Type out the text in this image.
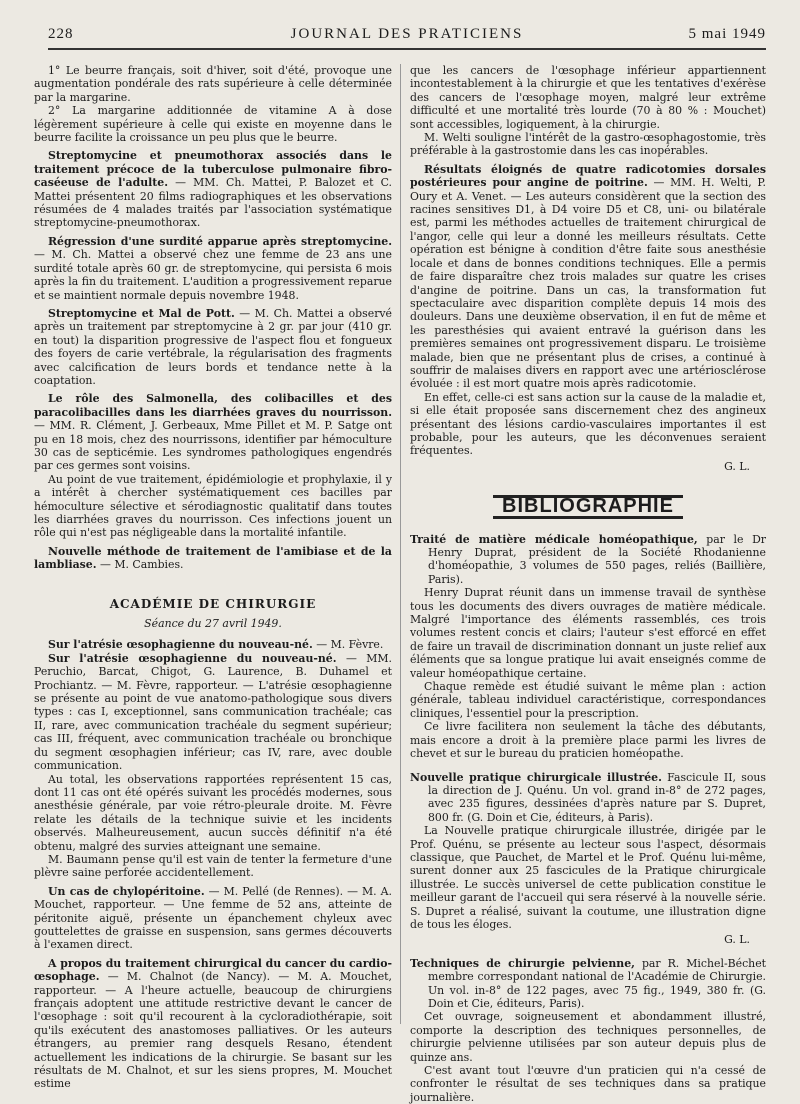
228	JOURNAL DES PRATICIENS	5 mai 1949

1° Le beurre français, soit d'hiver, soit d'été, provoque une augmentation pondérale des rats supérieure à celle déterminée par la margarine.

2° La margarine additionnée de vitamine A à dose légèrement supérieure à celle qui existe en moyenne dans le beurre facilite la croissance un peu plus que le beurre.

Streptomycine et pneumothorax associés dans le traitement précoce de la tuberculose pulmonaire fibro-caséeuse de l'adulte. — MM. Ch. Mattei, P. Balozet et C. Mattei présentent 20 films radiographiques et les observations résumées de 4 malades traités par l'association systématique streptomycine-pneumothorax.

Régression d'une surdité apparue après streptomycine. — M. Ch. Mattei a observé chez une femme de 23 ans une surdité totale après 60 gr. de streptomycine, qui persista 6 mois après la fin du traitement. L'audition a progressivement reparue et se maintient normale depuis novembre 1948.

Streptomycine et Mal de Pott. — M. Ch. Mattei a observé après un traitement par streptomycine à 2 gr. par jour (410 gr. en tout) la disparition progressive de l'aspect flou et fongueux des foyers de carie vertébrale, la régularisation des fragments avec calcification de leurs bords et tendance nette à la coaptation.

Le rôle des Salmonella, des colibacilles et des paracolibacilles dans les diarrhées graves du nourrisson. — MM. R. Clément, J. Gerbeaux, Mme Pillet et M. P. Satge ont pu en 18 mois, chez des nourrissons, identifier par hémoculture 30 cas de septicémie. Les syndromes pathologiques engendrés par ces germes sont voisins.

Au point de vue traitement, épidémiologie et prophylaxie, il y a intérêt à chercher systématiquement ces bacilles par hémoculture sélective et sérodiagnostic qualitatif dans toutes les diarrhées graves du nourrisson. Ces infections jouent un rôle qui n'est pas négligeable dans la mortalité infantile.

Nouvelle méthode de traitement de l'amibiase et de la lambliase. — M. Cambies.

ACADÉMIE DE CHIRURGIE
Séance du 27 avril 1949.

Sur l'atrésie œsophagienne du nouveau-né. — M. Fèvre.

Sur l'atrésie œsophagienne du nouveau-né. — MM. Peruchio, Barcat, Chigot, G. Laurence, B. Duhamel et Prochiantz. — M. Fèvre, rapporteur. — L'atrésie œsophagienne se présente au point de vue anatomo-pathologique sous divers types : cas I, exceptionnel, sans communication trachéale; cas II, rare, avec communication trachéale du segment supérieur; cas III, fréquent, avec communication trachéale ou bronchique du segment œsophagien inférieur; cas IV, rare, avec double communication.

Au total, les observations rapportées représentent 15 cas, dont 11 cas ont été opérés suivant les procédés modernes, sous anesthésie générale, par voie rétro-pleurale droite. M. Fèvre relate les détails de la technique suivie et les incidents observés. Malheureusement, aucun succès définitif n'a été obtenu, malgré des survies atteignant une semaine.

M. Baumann pense qu'il est vain de tenter la fermeture d'une plèvre saine perforée accidentellement.

Un cas de chylopéritoine. — M. Pellé (de Rennes). — M. A. Mouchet, rapporteur. — Une femme de 52 ans, atteinte de péritonite aiguë, présente un épanchement chyleux avec gouttelettes de graisse en suspension, sans germes découverts à l'examen direct.

A propos du traitement chirurgical du cancer du cardio-œsophage. — M. Chalnot (de Nancy). — M. A. Mouchet, rapporteur. — A l'heure actuelle, beaucoup de chirurgiens français adoptent une attitude restrictive devant le cancer de l'œsophage : soit qu'il recourent à la cycloradiothérapie, soit qu'ils exécutent des anastomoses palliatives. Or les auteurs étrangers, au premier rang desquels Resano, étendent actuellement les indications de la chirurgie. Se basant sur les résultats de M. Chalnot, et sur les siens propres, M. Mouchet estime

que les cancers de l'œsophage inférieur appartiennent incontestablement à la chirurgie et que les tentatives d'exérèse des cancers de l'œsophage moyen, malgré leur extrême difficulté et une mortalité très lourde (70 à 80 % : Mouchet) sont accessibles, logiquement, à la chirurgie.

M. Welti souligne l'intérêt de la gastro-œsophagostomie, très préférable à la gastrostomie dans les cas inopérables.

Résultats éloignés de quatre radicotomies dorsales postérieures pour angine de poitrine. — MM. H. Welti, P. Oury et A. Venet. — Les auteurs considèrent que la section des racines sensitives D1, à D4 voire D5 et C8, uni- ou bilatérale est, parmi les méthodes actuelles de traitement chirurgical de l'angor, celle qui leur a donné les meilleurs résultats. Cette opération est bénigne à condition d'être faite sous anesthésie locale et dans de bonnes conditions techniques. Elle a permis de faire disparaître chez trois malades sur quatre les crises d'angine de poitrine. Dans un cas, la transformation fut spectaculaire avec disparition complète depuis 14 mois des douleurs. Dans une deuxième observation, il en fut de même et les paresthésies qui avaient entravé la guérison dans les premières semaines ont progressivement disparu. Le troisième malade, bien que ne présentant plus de crises, a continué à souffrir de malaises divers en rapport avec une artériosclérose évoluée : il est mort quatre mois après radicotomie.

En effet, celle-ci est sans action sur la cause de la maladie et, si elle était proposée sans discernement chez des angineux présentant des lésions cardio-vasculaires importantes il est probable, pour les auteurs, que les déconvenues seraient fréquentes.

G. L.
BIBLIOGRAPHIE

Traité de matière médicale homéopathique, par le Dr Henry Duprat, président de la Société Rhodanienne d'homéopathie, 3 volumes de 550 pages, reliés (Baillière, Paris).

Henry Duprat réunit dans un immense travail de synthèse tous les documents des divers ouvrages de matière médicale. Malgré l'importance des éléments rassemblés, ces trois volumes restent concis et clairs; l'auteur s'est efforcé en effet de faire un travail de discrimination donnant un juste relief aux éléments que sa longue pratique lui avait enseignés comme de valeur homéopathique certaine.

Chaque remède est étudié suivant le même plan : action générale, tableau individuel caractéristique, correspondances cliniques, l'essentiel pour la prescription.

Ce livre facilitera non seulement la tâche des débutants, mais encore a droit à la première place parmi les livres de chevet et sur le bureau du praticien homéopathe.

Nouvelle pratique chirurgicale illustrée. Fascicule II, sous la direction de J. Quénu. Un vol. grand in-8° de 272 pages, avec 235 figures, dessinées d'après nature par S. Dupret, 800 fr. (G. Doin et Cie, éditeurs, à Paris).

La Nouvelle pratique chirurgicale illustrée, dirigée par le Prof. Quénu, se présente au lecteur sous l'aspect, désormais classique, que Pauchet, de Martel et le Prof. Quénu lui-même, surent donner aux 25 fascicules de la Pratique chirurgicale illustrée. Le succès universel de cette publication constitue le meilleur garant de l'accueil qui sera réservé à la nouvelle série. S. Dupret a réalisé, suivant la coutume, une illustration digne de tous les éloges.

G. L.

Techniques de chirurgie pelvienne, par R. Michel-Béchet membre correspondant national de l'Académie de Chirurgie. Un vol. in-8° de 122 pages, avec 75 fig., 1949, 380 fr. (G. Doin et Cie, éditeurs, Paris).

Cet ouvrage, soigneusement et abondamment illustré, comporte la description des techniques personnelles, de chirurgie pelvienne utilisées par son auteur depuis plus de quinze ans.

C'est avant tout l'œuvre d'un praticien qui n'a cessé de confronter le résultat de ses techniques dans sa pratique journalière.
